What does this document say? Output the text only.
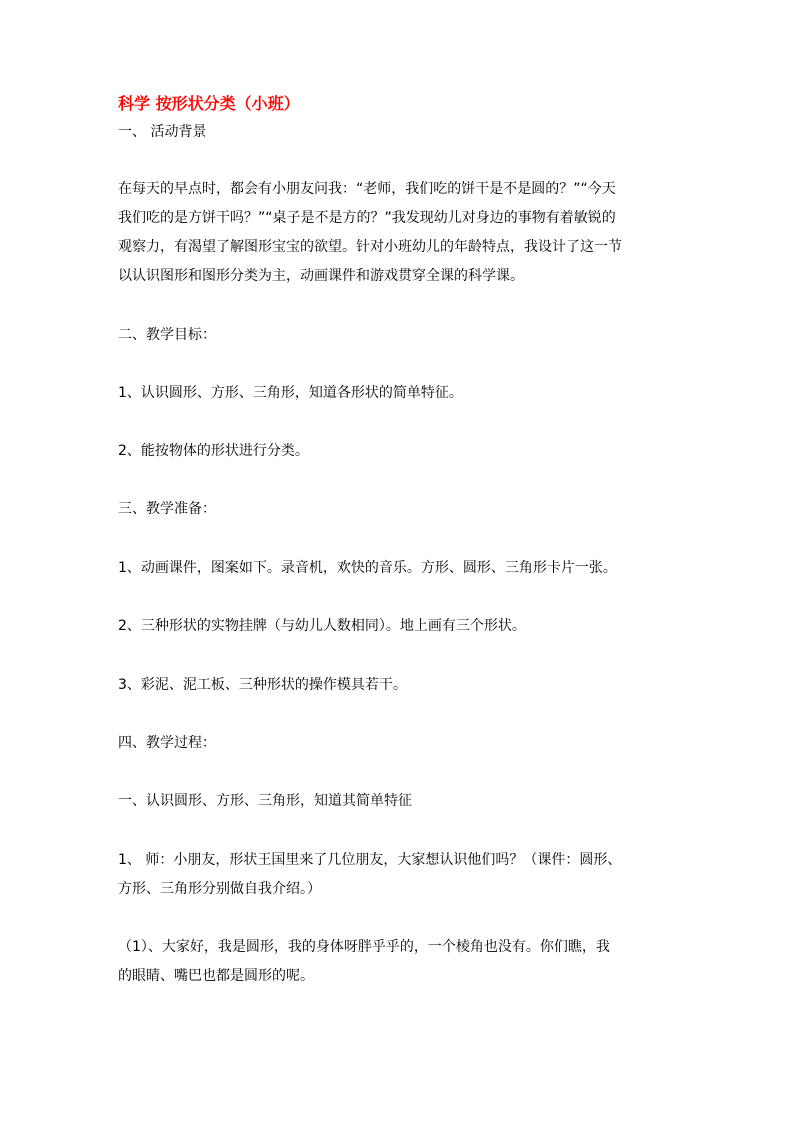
科学 按形状分类（小班）
一、 活动背景
在每天的早点时，都会有小朋友问我：“老师，我们吃的饼干是不是圆的？”“今天
我们吃的是方饼干吗？”“桌子是不是方的？”我发现幼儿对身边的事物有着敏锐的
观察力，有渴望了解图形宝宝的欲望。针对小班幼儿的年龄特点，我设计了这一节
以认识图形和图形分类为主，动画课件和游戏贯穿全课的科学课。
二、教学目标：
1、认识圆形、方形、三角形，知道各形状的简单特征。
2、能按物体的形状进行分类。
三、教学准备：
1、动画课件，图案如下。录音机，欢快的音乐。方形、圆形、三角形卡片一张。
2、三种形状的实物挂牌（与幼儿人数相同）。地上画有三个形状。
3、彩泥、泥工板、三种形状的操作模具若干。
四、教学过程：
一、认识圆形、方形、三角形，知道其简单特征
1、 师：小朋友，形状王国里来了几位朋友，大家想认识他们吗？（课件：圆形、
方形、三角形分别做自我介绍。）
（1）、大家好，我是圆形，我的身体呀胖乎乎的，一个棱角也没有。你们瞧，我
的眼睛、嘴巴也都是圆形的呢。
